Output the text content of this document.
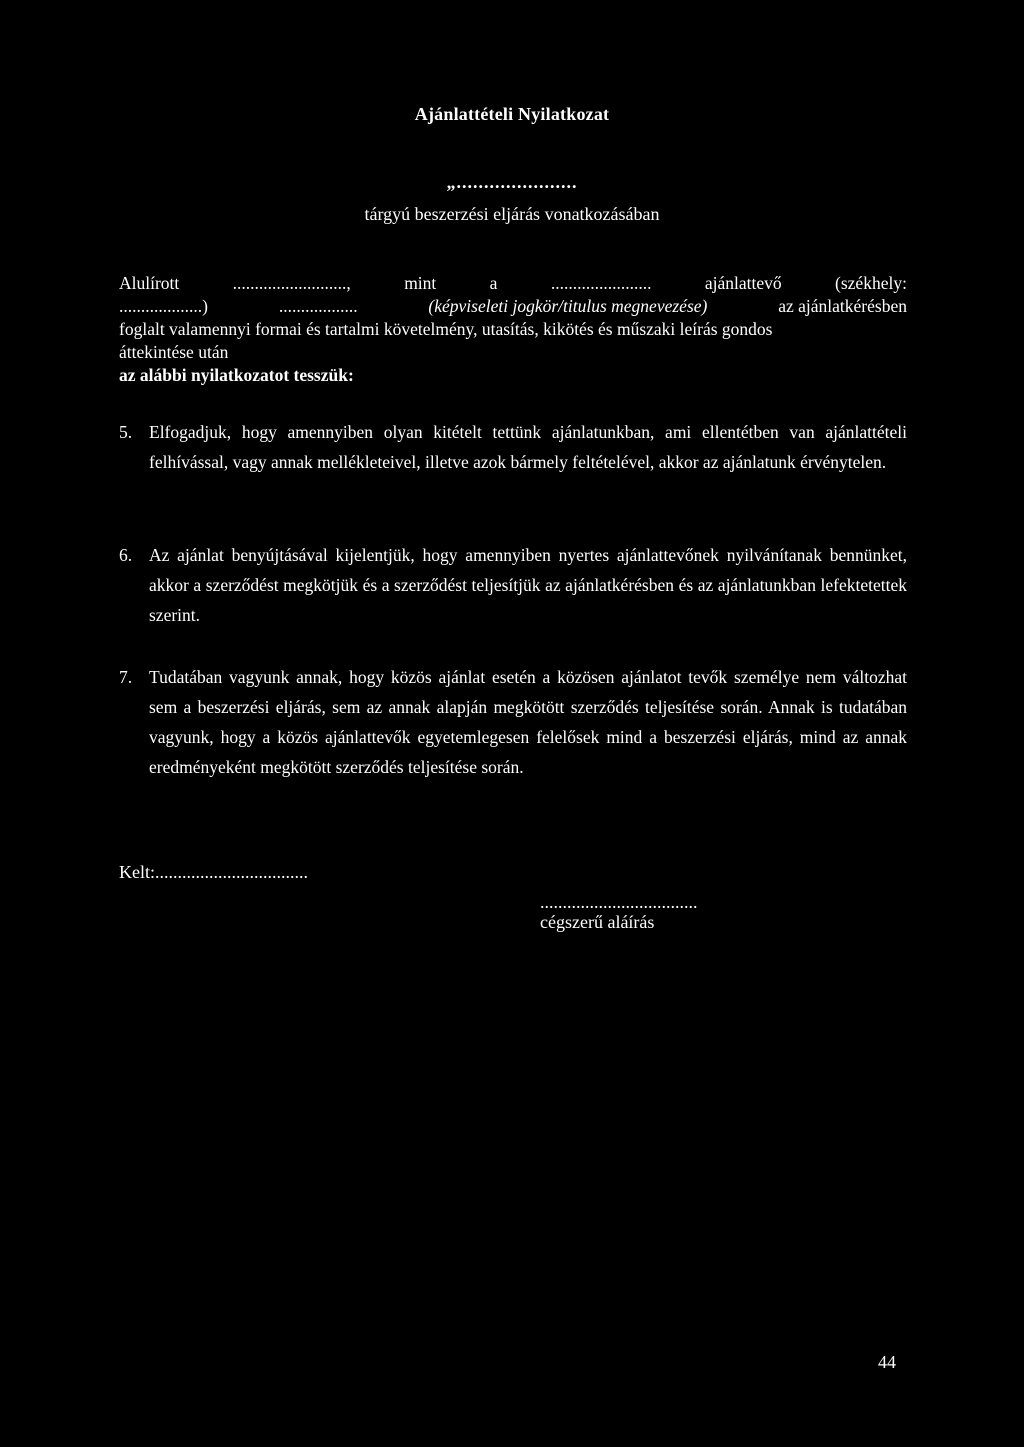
Ajánlattételi Nyilatkozat
„......................
tárgyú beszerzési eljárás vonatkozásában
Alulírott	..........................,	mint	a	.......................	ajánlattevő	(székhely:
...................)	..................	(képviseleti jogkör/titulus megnevezése)	az ajánlatkérésben
foglalt valamennyi formai és tartalmi követelmény, utasítás, kikötés és műszaki leírás gondos
áttekintése után
az alábbi nyilatkozatot tesszük:
5. Elfogadjuk, hogy amennyiben olyan kitételt tettünk ajánlatunkban, ami ellentétben van ajánlattételi felhívással, vagy annak mellékleteivel, illetve azok bármely feltételével, akkor az ajánlatunk érvénytelen.
6. Az ajánlat benyújtásával kijelentjük, hogy amennyiben nyertes ajánlattevőnek nyilvánítanak bennünket, akkor a szerződést megkötjük és a szerződést teljesítjük az ajánlatkérésben és az ajánlatunkban lefektetettek szerint.
7. Tudatában vagyunk annak, hogy közös ajánlat esetén a közösen ajánlatot tevők személye nem változhat sem a beszerzési eljárás, sem az annak alapján megkötött szerződés teljesítése során. Annak is tudatában vagyunk, hogy a közös ajánlattevők egyetemlegesen felelősek mind a beszerzési eljárás, mind az annak eredményeként megkötött szerződés teljesítése során.
Kelt:..................................
...................................
cégszerű aláírás
44
